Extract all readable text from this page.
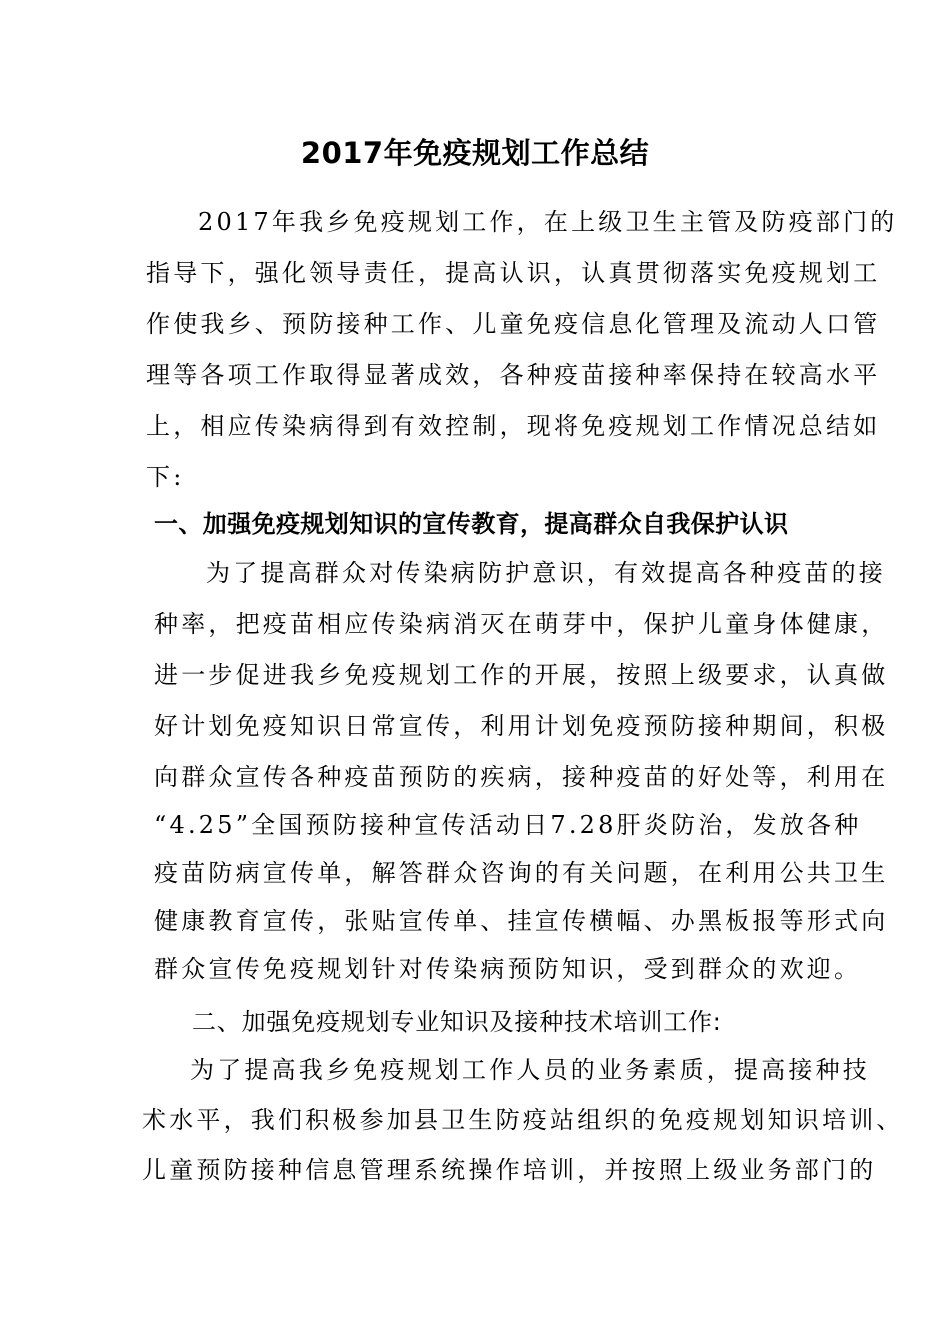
2017年免疫规划工作总结

2017年我乡免疫规划工作，在上级卫生主管及防疫部门的

指导下，强化领导责任，提高认识，认真贯彻落实免疫规划工

作使我乡、预防接种工作、儿童免疫信息化管理及流动人口管

理等各项工作取得显著成效，各种疫苗接种率保持在较高水平

上，相应传染病得到有效控制，现将免疫规划工作情况总结如

下:

一、加强免疫规划知识的宣传教育，提高群众自我保护认识

为了提高群众对传染病防护意识，有效提高各种疫苗的接

种率，把疫苗相应传染病消灭在萌芽中，保护儿童身体健康，

进一步促进我乡免疫规划工作的开展，按照上级要求，认真做

好计划免疫知识日常宣传，利用计划免疫预防接种期间，积极

向群众宣传各种疫苗预防的疾病，接种疫苗的好处等，利用在

“4.25”全国预防接种宣传活动日7.28肝炎防治，发放各种

疫苗防病宣传单，解答群众咨询的有关问题，在利用公共卫生

健康教育宣传，张贴宣传单、挂宣传横幅、办黑板报等形式向

群众宣传免疫规划针对传染病预防知识，受到群众的欢迎。

二、加强免疫规划专业知识及接种技术培训工作:

为了提高我乡免疫规划工作人员的业务素质，提高接种技

术水平，我们积极参加县卫生防疫站组织的免疫规划知识培训、

儿童预防接种信息管理系统操作培训，并按照上级业务部门的
